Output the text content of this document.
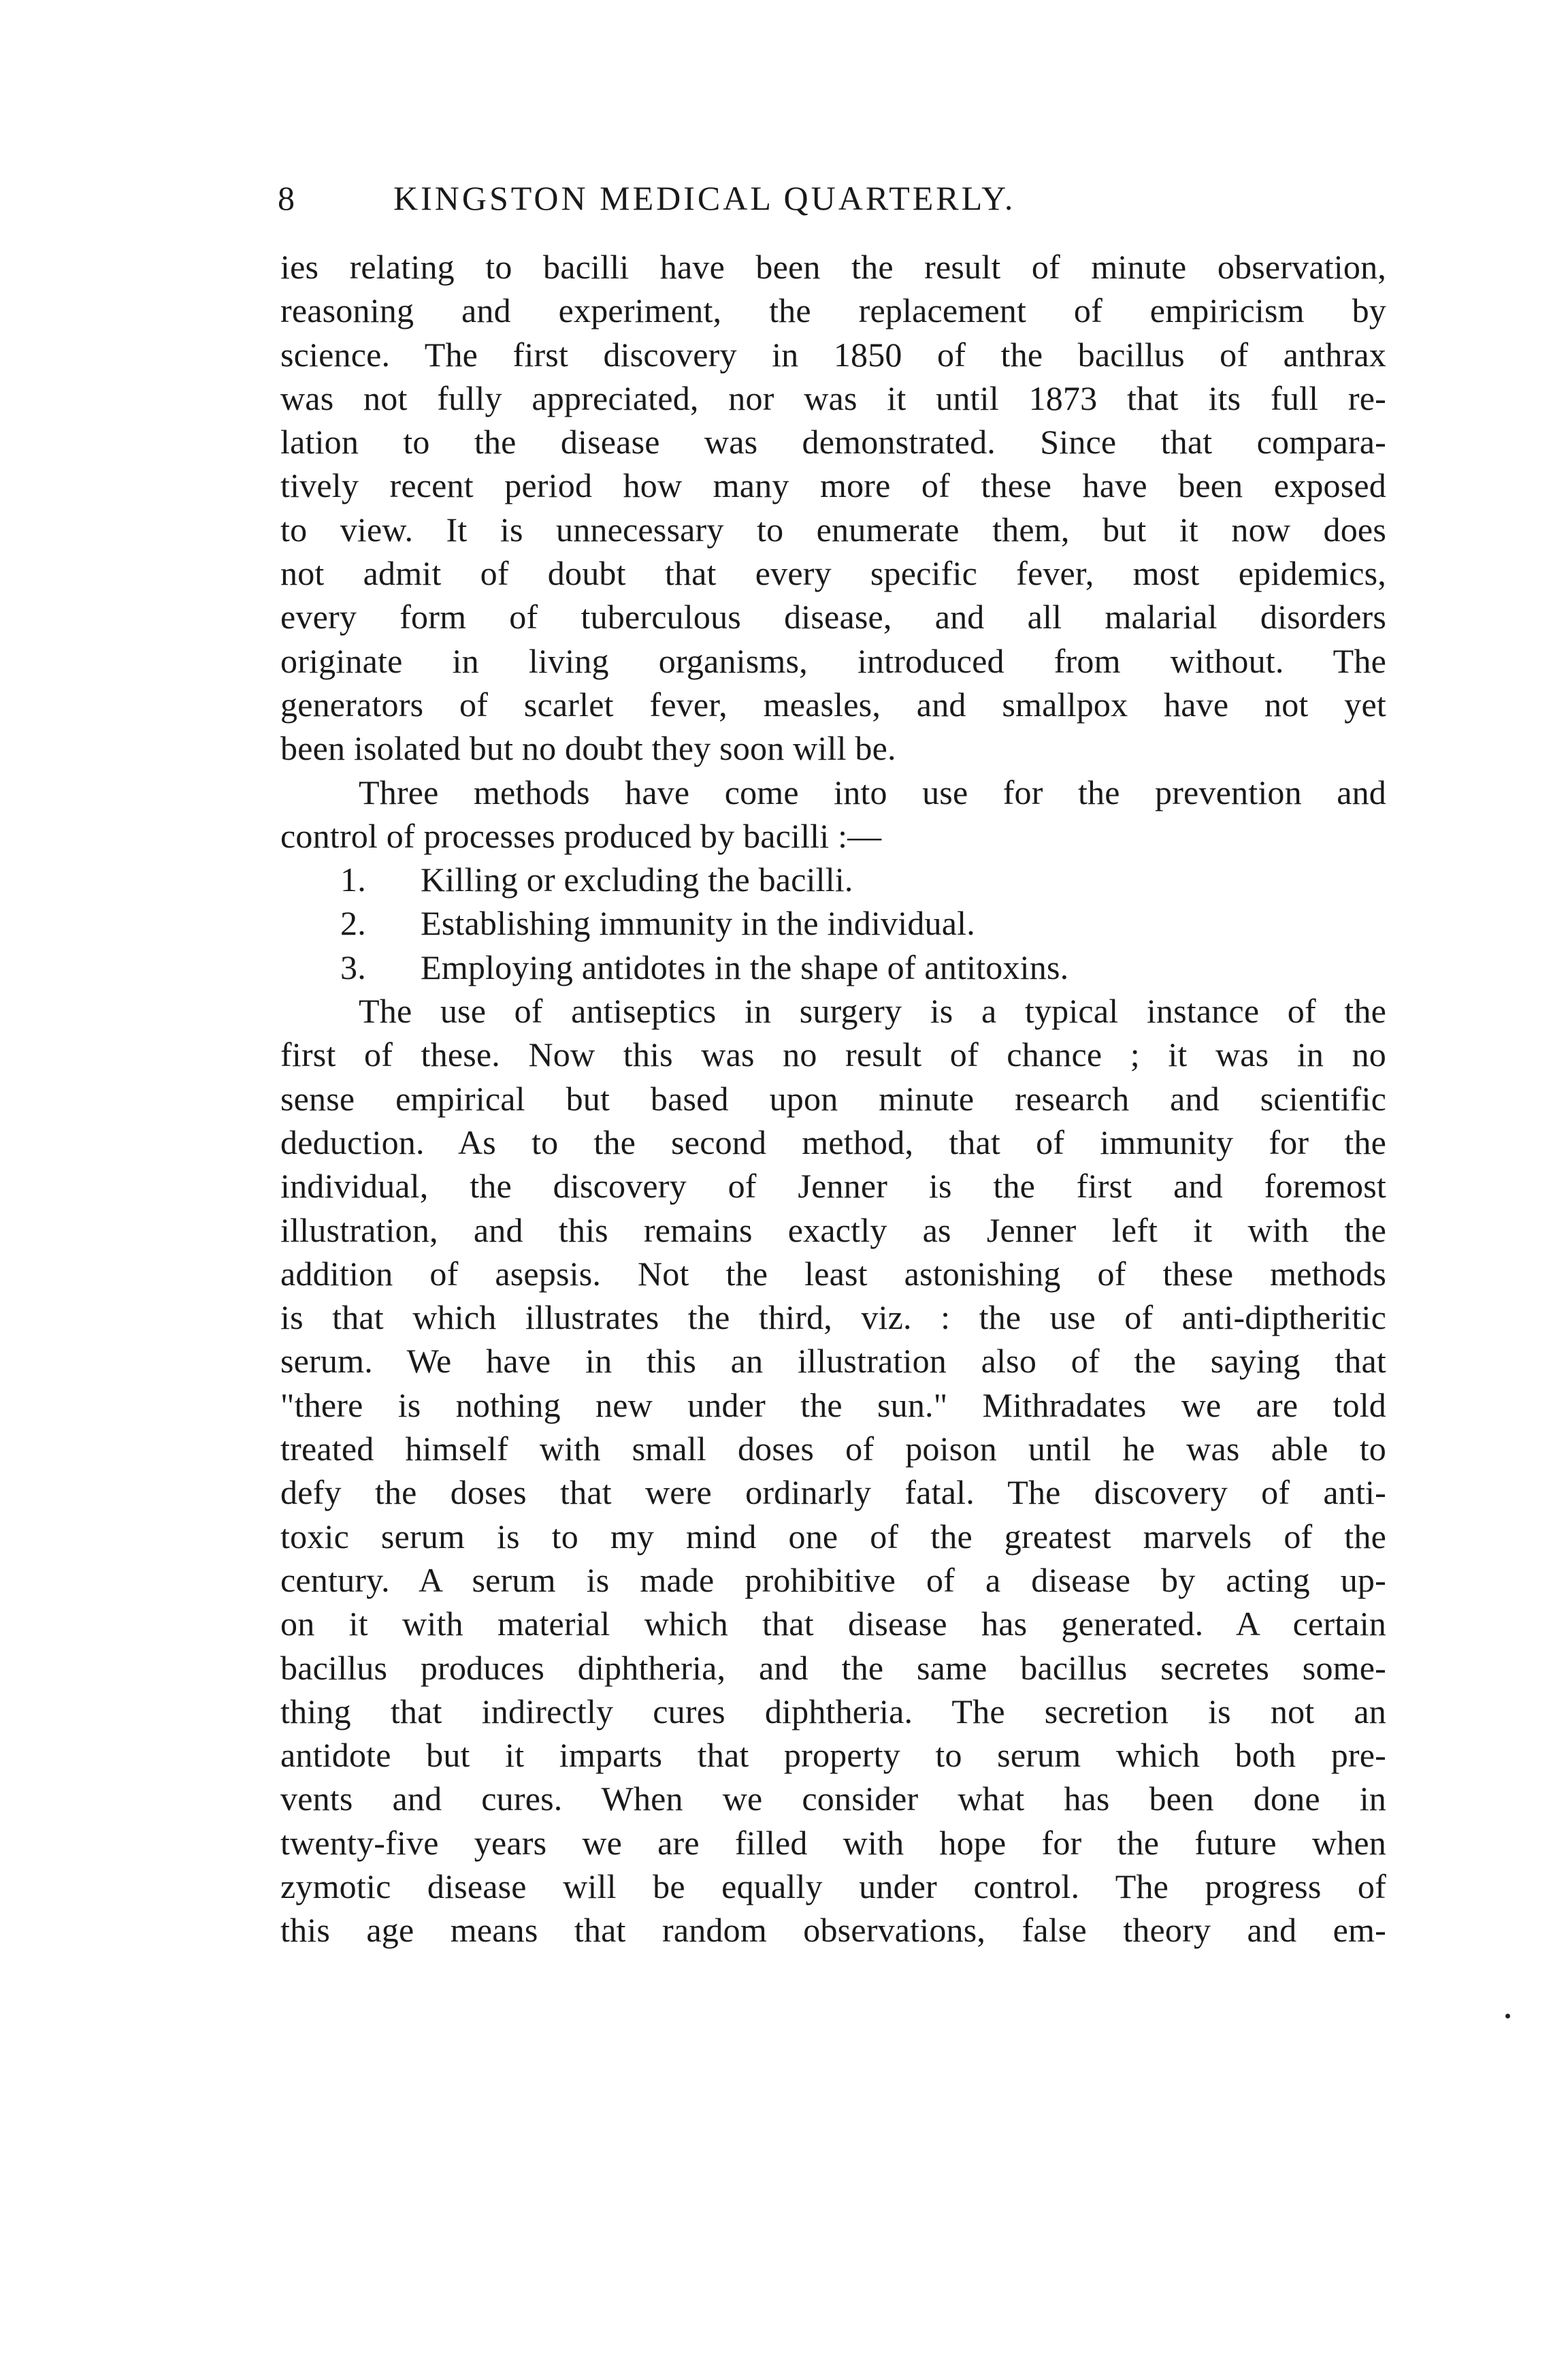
8	KINGSTON MEDICAL QUARTERLY.
ies relating to bacilli have been the result of minute observation,
reasoning and experiment, the replacement of empiricism by
science. The first discovery in 1850 of the bacillus of anthrax
was not fully appreciated, nor was it until 1873 that its full re-
lation to the disease was demonstrated. Since that compara-
tively recent period how many more of these have been exposed
to view. It is unnecessary to enumerate them, but it now does
not admit of doubt that every specific fever, most epidemics,
every form of tuberculous disease, and all malarial disorders
originate in living organisms, introduced from without. The
generators of scarlet fever, measles, and smallpox have not yet
been isolated but no doubt they soon will be.
Three methods have come into use for the prevention and
control of processes produced by bacilli :—
1. Killing or excluding the bacilli.
2. Establishing immunity in the individual.
3. Employing antidotes in the shape of antitoxins.
The use of antiseptics in surgery is a typical instance of the
first of these. Now this was no result of chance ; it was in no
sense empirical but based upon minute research and scientific
deduction. As to the second method, that of immunity for the
individual, the discovery of Jenner is the first and foremost
illustration, and this remains exactly as Jenner left it with the
addition of asepsis. Not the least astonishing of these methods
is that which illustrates the third, viz. : the use of anti-diptheritic
serum. We have in this an illustration also of the saying that
"there is nothing new under the sun." Mithradates we are told
treated himself with small doses of poison until he was able to
defy the doses that were ordinarly fatal. The discovery of anti-
toxic serum is to my mind one of the greatest marvels of the
century. A serum is made prohibitive of a disease by acting up-
on it with material which that disease has generated. A certain
bacillus produces diphtheria, and the same bacillus secretes some-
thing that indirectly cures diphtheria. The secretion is not an
antidote but it imparts that property to serum which both pre-
vents and cures. When we consider what has been done in
twenty-five years we are filled with hope for the future when
zymotic disease will be equally under control. The progress of
this age means that random observations, false theory and em-
